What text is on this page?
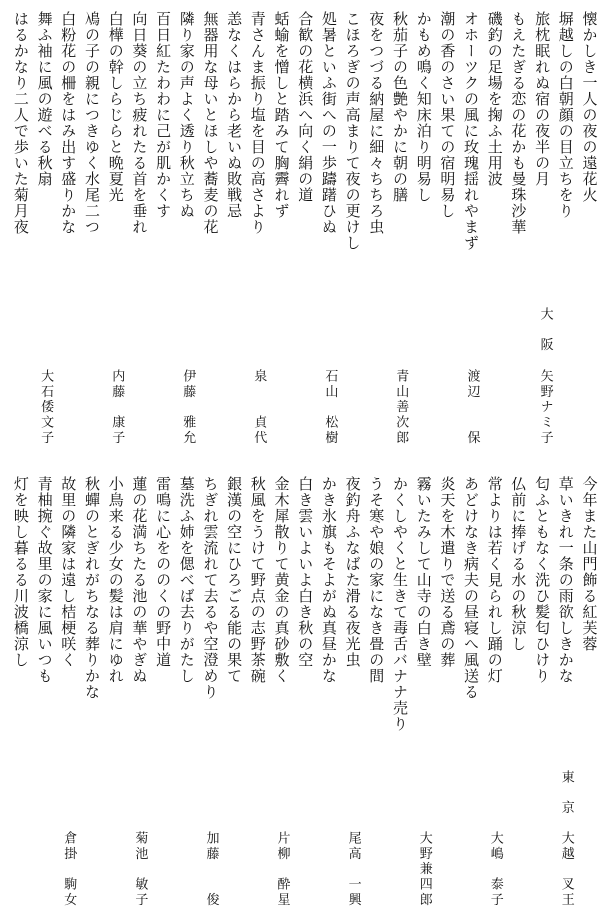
懐かしき一人の夜の遠花火
塀越しの白朝顔の目立ちをり
旅枕眠れぬ宿の夜半の月
もえたぎる恋の花かも曼珠沙華
磯釣の足場を掬ふ土用波
オホーツクの風に玫瑰揺れやまず
潮の香のさい果ての宿明易し
かもめ鳴く知床泊り明易し
秋茄子の色艶やかに朝の膳
夜をつづる納屋に細々ちちろ虫
こほろぎの声高まりて夜の更けし
処暑といふ街への一歩躊躇ひぬ
合歓の花横浜へ向く絹の道
蛞蝓を憎しと踏みて胸霽れず
青さんま振り塩を目の高さより
恙なくはらから老いぬ敗戦忌
無器用な母いとほしや蕎麦の花
隣り家の声よく透り秋立ちぬ
百日紅たわわに己が肌かくす
向日葵の立ち疲れたる首を垂れ
白樺の幹しらじらと晩夏光
鳰の子の親につきゆく水尾二つ
白粉花の柵をはみ出す盛りかな
舞ふ袖に風の遊べる秋扇
はるかなり二人で歩いた菊月夜
大　阪
矢野ナミ子
渡辺　　保
青山善次郎
石山　松樹
泉　　貞代
伊藤　雅允
内藤　康子
大石倭文子
今年また山門飾る紅芙蓉
草いきれ一条の雨欲しきかな
匂ふともなく洗ひ髪匂ひけり
仏前に捧げる水の秋涼し
常よりは若く見られし踊の灯
あどけなき病夫の昼寝へ風送る
炎天を木遣りで送る鳶の葬
霧いたみして山寺の白き壁
かくしやくと生きて毒舌バナナ売り
うそ寒や娘の家になき畳の間
夜釣舟ふなばた滑る夜光虫
かき氷旗もそよがぬ真昼かな
白き雲いよいよ白き秋の空
金木犀散りて黄金の真砂敷く
秋風をうけて野点の志野茶碗
銀漢の空にひろごる能の果て
ちぎれ雲流れて去るや空澄めり
墓洗ふ姉を偲べば去りがたし
雷鳴に心をののくの野中道
蓮の花満ちたる池の華やぎぬ
小鳥来る少女の髪は肩にゆれ
秋蟬のとぎれがちなる葬りかな
故里の隣家は遠し桔梗咲く
青柚捥ぐ故里の家に風いつも
灯を映し暮るる川波橋涼し
東　京
大越　叉王
大嶋　泰子
大野兼四郎
尾高　一興
片柳　酔星
加藤　　俊
菊池　敏子
倉掛　駒女
